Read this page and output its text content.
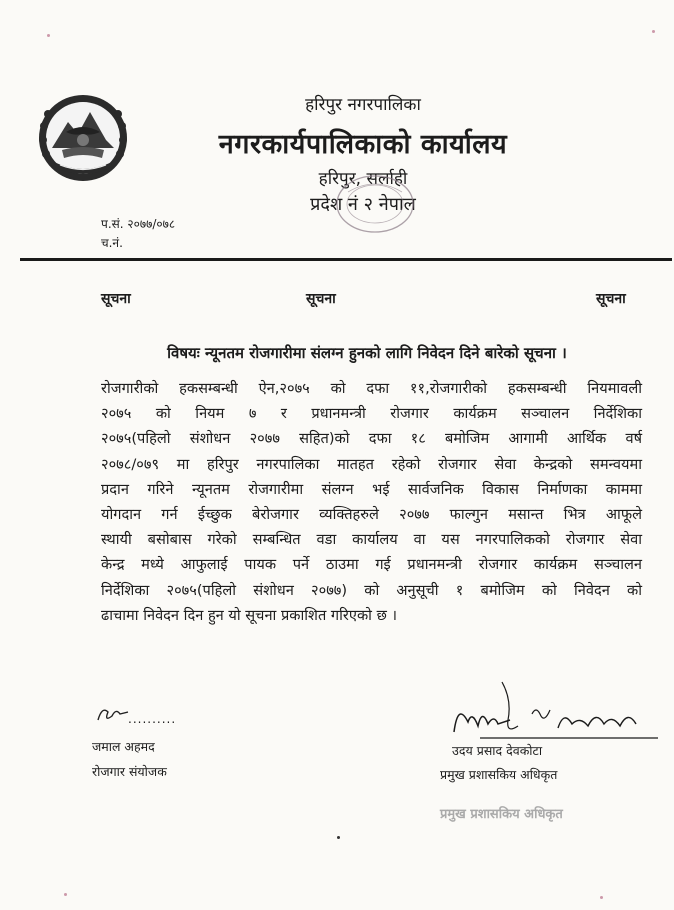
हरिपुर नगरपालिका
नगरकार्यपालिकाको कार्यालय
हरिपुर, सर्लाही
प्रदेश नं २ नेपाल
प.सं. २०७७/०७८
च.नं.
सूचना	सूचना	सूचना
विषयः न्यूनतम रोजगारीमा संलग्न हुनको लागि निवेदन दिने बारेको सूचना ।
रोजगारीको हकसम्बन्धी ऐन,२०७५ को दफा ११,रोजगारीको हकसम्बन्धी नियमावली
२०७५ को नियम ७ र प्रधानमन्त्री रोजगार कार्यक्रम सञ्चालन निर्देशिका
२०७५(पहिलो संशोधन २०७७ सहित)को दफा १८ बमोजिम आगामी आर्थिक वर्ष
२०७८/०७९ मा हरिपुर नगरपालिका मातहत रहेको रोजगार सेवा केन्द्रको समन्वयमा
प्रदान गरिने न्यूनतम रोजगारीमा संलग्न भई सार्वजनिक विकास निर्माणका काममा
योगदान गर्न ईच्छुक बेरोजगार व्यक्तिहरुले २०७७ फाल्गुन मसान्त भित्र आफूले
स्थायी बसोबास गरेको सम्बन्धित वडा कार्यालय वा यस नगरपालिकको रोजगार सेवा
केन्द्र मध्ये आफुलाई पायक पर्ने ठाउमा गई प्रधानमन्त्री रोजगार कार्यक्रम सञ्चालन
निर्देशिका २०७५(पहिलो संशोधन २०७७) को अनुसूची १ बमोजिम को निवेदन को
ढाचामा निवेदन दिन हुन यो सूचना प्रकाशित गरिएको छ ।
..........
जमाल अहमद
रोजगार संयोजक
उदय प्रसाद देवकोटा
प्रमुख प्रशासकिय अधिकृत
प्रमुख प्रशासकिय अधिकृत
